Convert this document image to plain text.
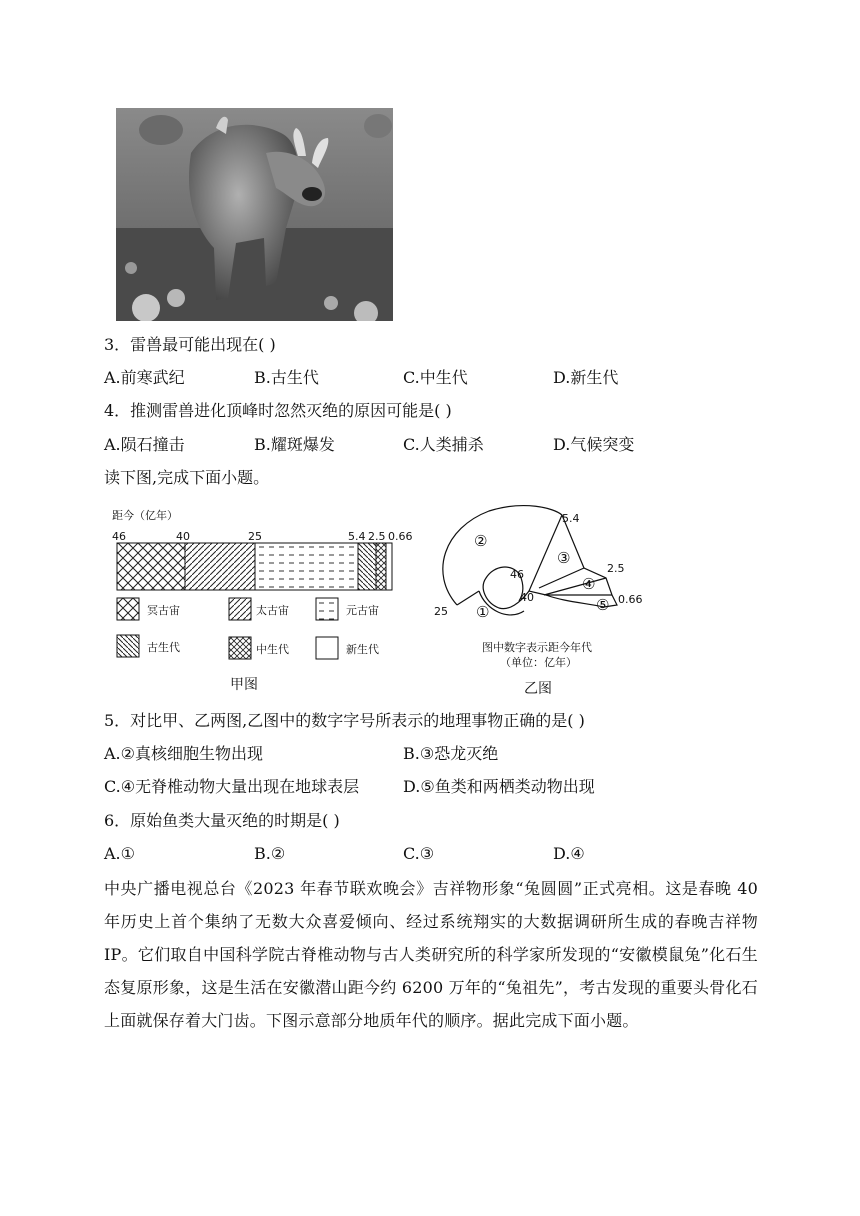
3．雷兽最可能出现在( )
A.前寒武纪	B.古生代	C.中生代	D.新生代
4．推测雷兽进化顶峰时忽然灭绝的原因可能是( )
A.陨石撞击	B.耀斑爆发	C.人类捕杀	D.气候突变
读下图,完成下面小题。
距今（亿年）
46	40	25	5.4 2.5 0.66
冥古宙	太古宙	元古宙
古生代	中生代	新生代
甲图
②
③
④
⑤
①
5.4
2.5
0.66
46
40
25
图中数字表示距今年代
（单位：亿年）
乙图
5．对比甲、乙两图,乙图中的数字字号所表示的地理事物正确的是( )
A.②真核细胞生物出现	B.③恐龙灭绝
C.④无脊椎动物大量出现在地球表层	D.⑤鱼类和两栖类动物出现
6．原始鱼类大量灭绝的时期是( )
A.①	B.②	C.③	D.④
中央广播电视总台《2023 年春节联欢晚会》吉祥物形象“兔圆圆”正式亮相。这是春晚 40 年历史上首个集纳了无数大众喜爱倾向、经过系统翔实的大数据调研所生成的春晚吉祥物 IP。它们取自中国科学院古脊椎动物与古人类研究所的科学家所发现的“安徽模鼠兔”化石生态复原形象，这是生活在安徽潜山距今约 6200 万年的“兔祖先”，考古发现的重要头骨化石上面就保存着大门齿。下图示意部分地质年代的顺序。据此完成下面小题。
